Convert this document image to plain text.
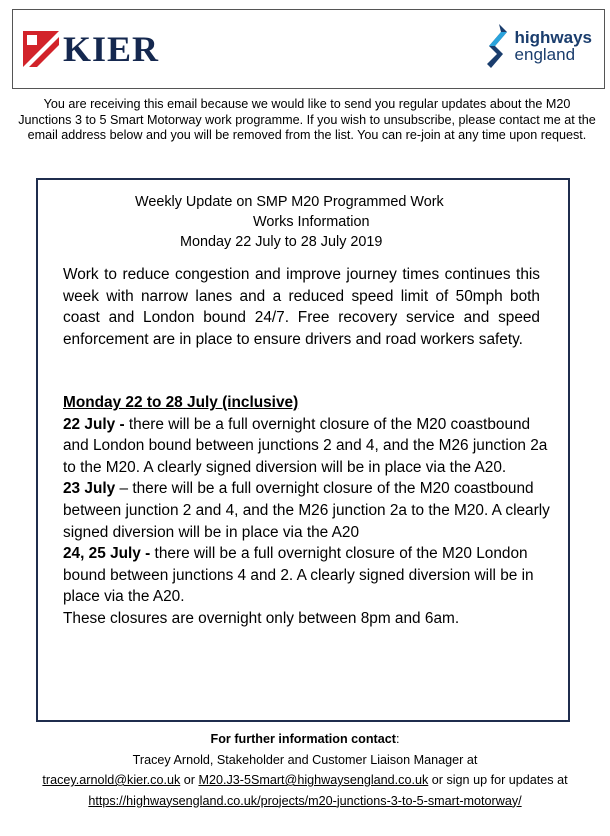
KIER	highways
england

You are receiving this email because we would like to send you regular updates about the M20 Junctions 3 to 5 Smart Motorway work programme. If you wish to unsubscribe, please contact me at the email address below and you will be removed from the list. You can re-join at any time upon request.

Weekly Update on SMP M20 Programmed Work
Works Information
Monday 22 July to 28 July 2019

Work to reduce congestion and improve journey times continues this week with narrow lanes and a reduced speed limit of 50mph both coast and London bound 24/7. Free recovery service and speed enforcement are in place to ensure drivers and road workers safety.

Monday 22 to 28 July (inclusive)

22 July - there will be a full overnight closure of the M20 coastbound and London bound between junctions 2 and 4, and the M26 junction 2a to the M20. A clearly signed diversion will be in place via the A20.

23 July – there will be a full overnight closure of the M20 coastbound between junction 2 and 4, and the M26 junction 2a to the M20. A clearly signed diversion will be in place via the A20

24, 25 July - there will be a full overnight closure of the M20 London bound between junctions 4 and 2. A clearly signed diversion will be in place via the A20.

These closures are overnight only between 8pm and 6am.

For further information contact:

Tracey Arnold, Stakeholder and Customer Liaison Manager at

tracey.arnold@kier.co.uk or M20.J3-5Smart@highwaysengland.co.uk or sign up for updates at https://highwaysengland.co.uk/projects/m20-junctions-3-to-5-smart-motorway/
